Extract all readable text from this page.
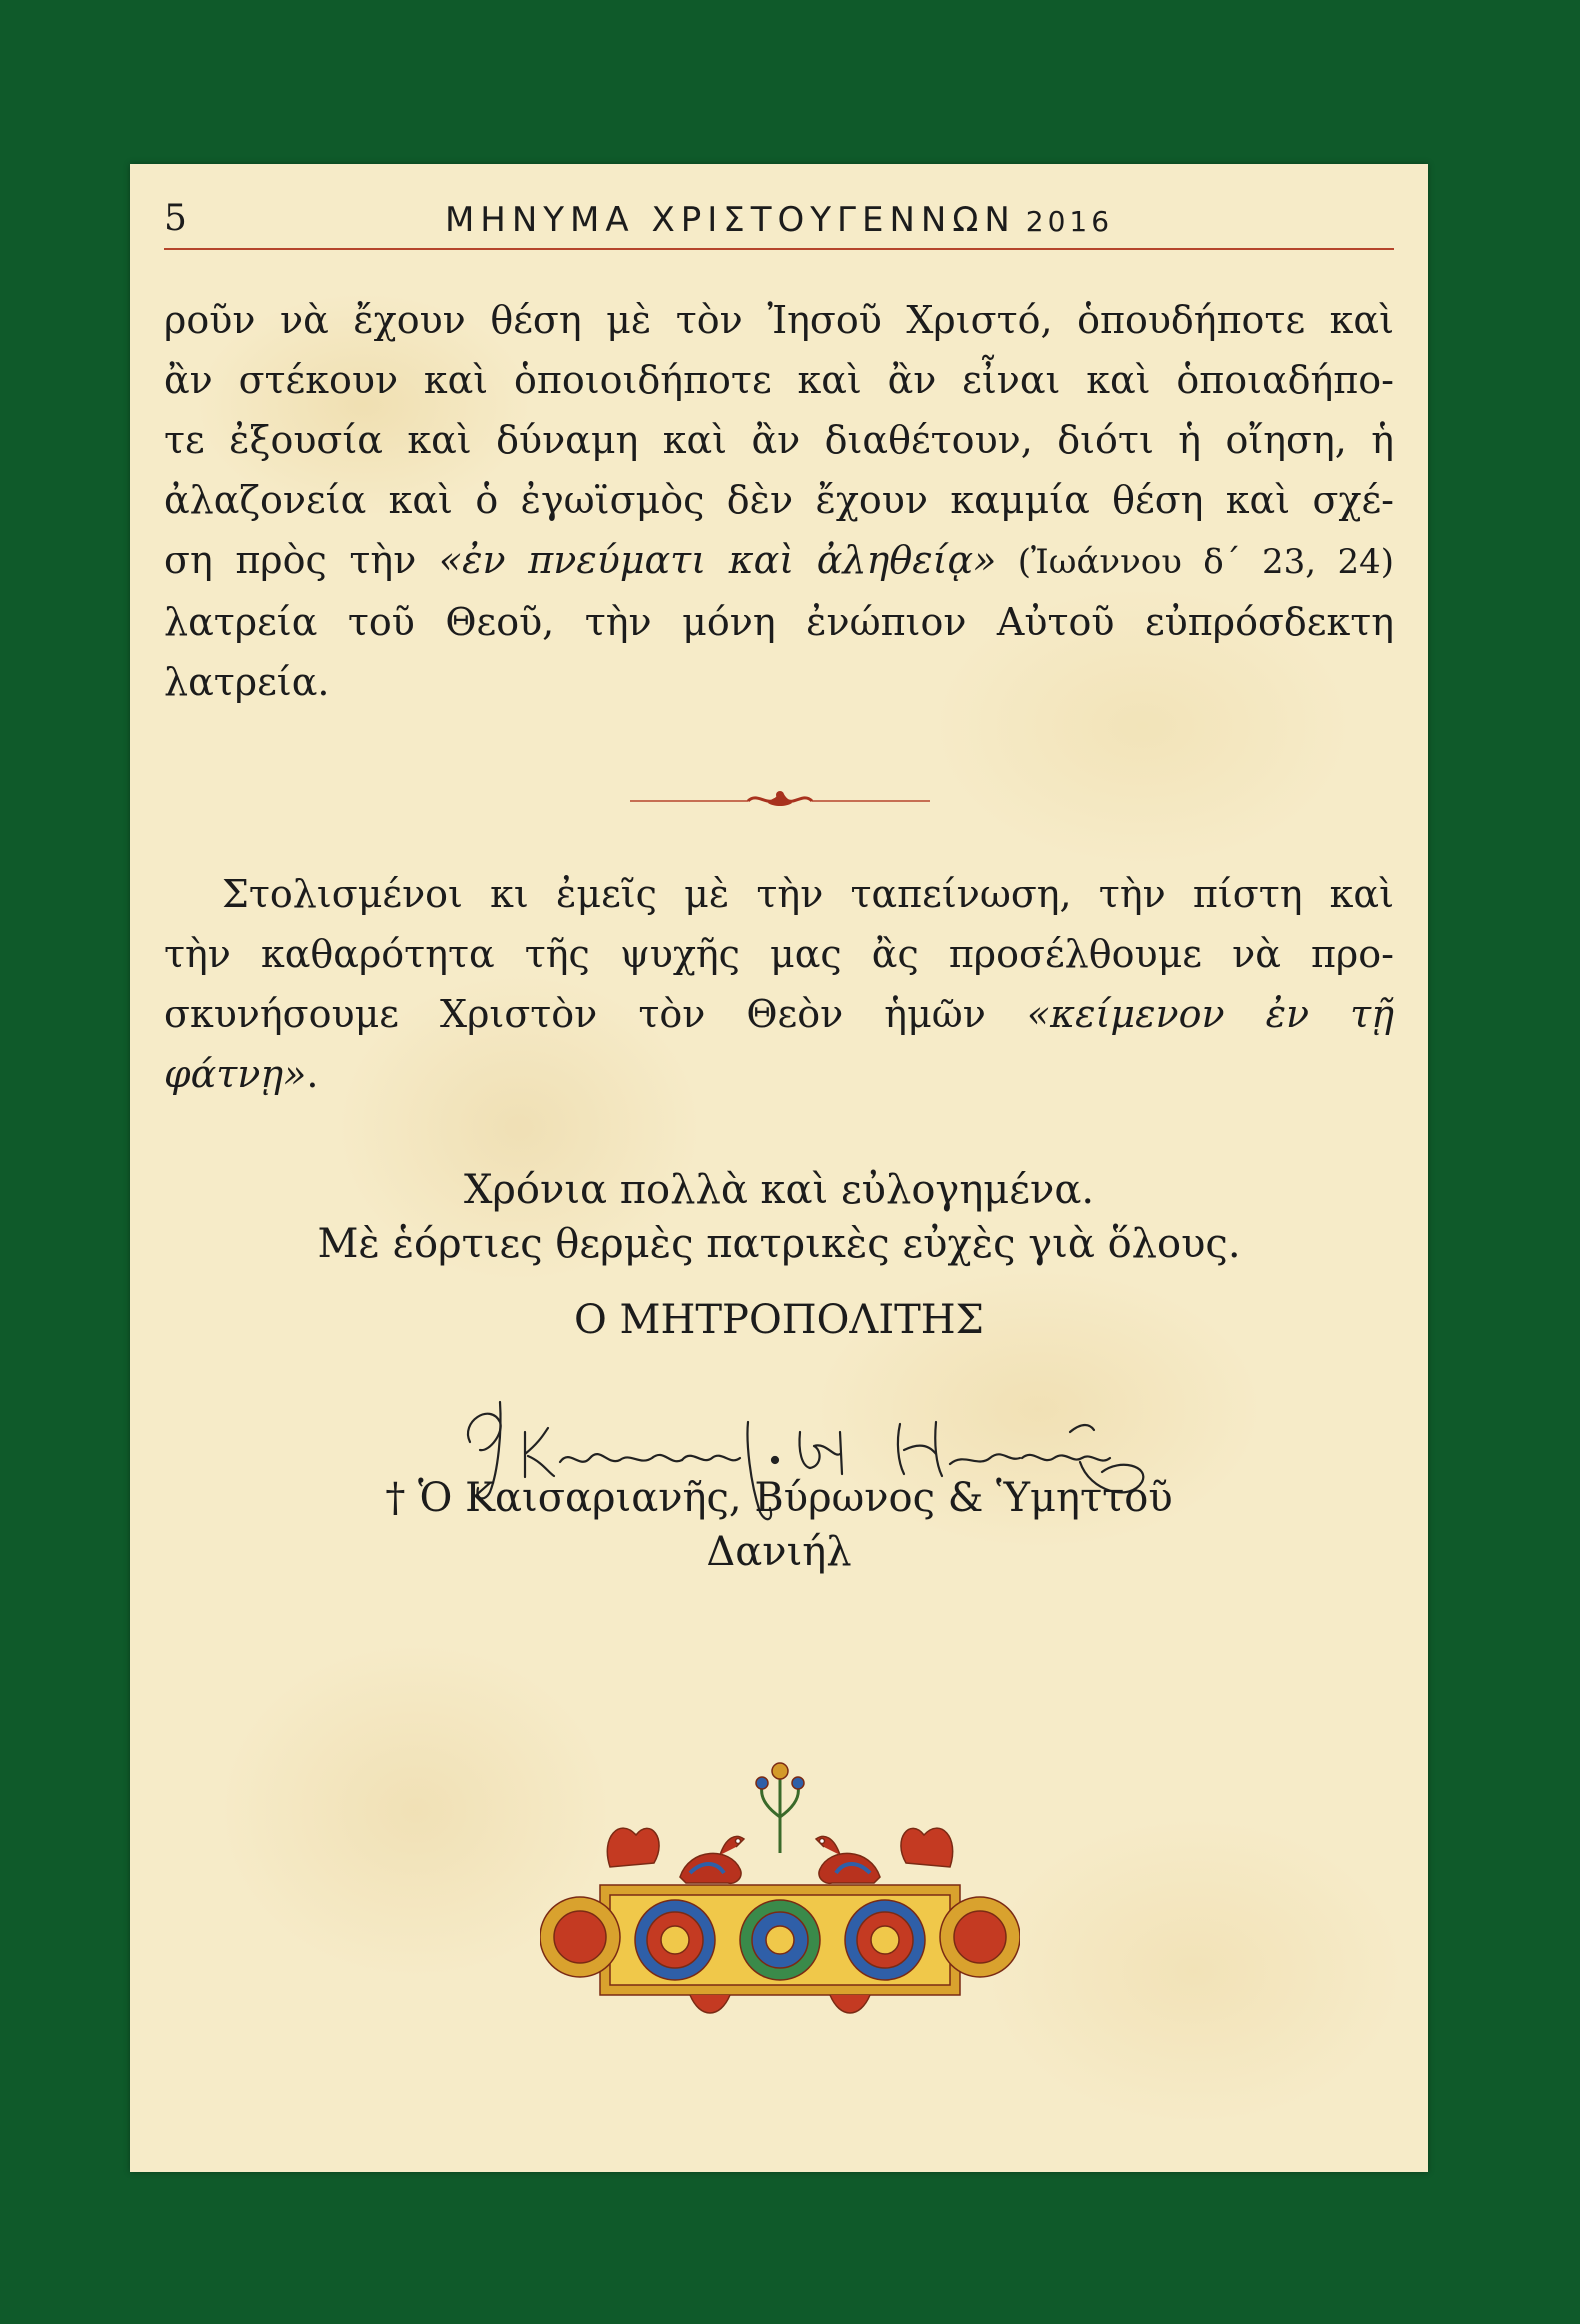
5	ΜΗΝΥΜΑ ΧΡΙΣΤΟΥΓΕΝΝΩΝ 2016
ροῦν νὰ ἔχουν θέση μὲ τὸν Ἰησοῦ Χριστό, ὁπουδήποτε καὶ
ἂν στέκουν καὶ ὁποιοιδήποτε καὶ ἂν εἶναι καὶ ὁποιαδήπο-
τε ἐξουσία καὶ δύναμη καὶ ἂν διαθέτουν, διότι ἡ οἴηση, ἡ
ἀλαζονεία καὶ ὁ ἐγωϊσμὸς δὲν ἔχουν καμμία θέση καὶ σχέ-
ση πρὸς τὴν «ἐν πνεύματι καὶ ἀληθείᾳ» (Ἰωάννου δ΄ 23, 24)
λατρεία τοῦ Θεοῦ, τὴν μόνη ἐνώπιον Αὐτοῦ εὐπρόσδεκτη
λατρεία.
Στολισμένοι κι ἐμεῖς μὲ τὴν ταπείνωση, τὴν πίστη καὶ
τὴν καθαρότητα τῆς ψυχῆς μας ἂς προσέλθουμε νὰ προ-
σκυνήσουμε Χριστὸν τὸν Θεὸν ἡμῶν «κείμενον ἐν τῇ
φάτνῃ».
Χρόνια πολλὰ καὶ εὐλογημένα.
Μὲ ἑόρτιες θερμὲς πατρικὲς εὐχὲς γιὰ ὅλους.
Ο ΜΗΤΡΟΠΟΛΙΤΗΣ
† Ὁ Καισαριανῆς, Βύρωνος & Ὑμηττοῦ
Δανιήλ
